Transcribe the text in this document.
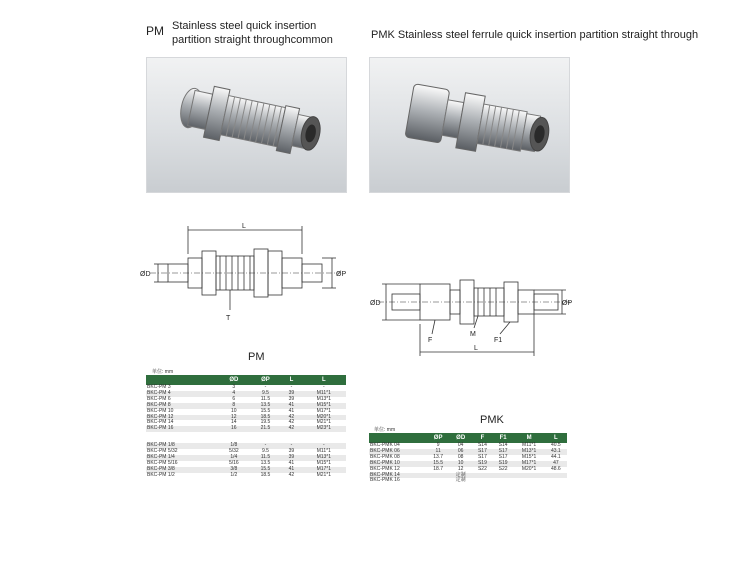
PM Stainless steel quick insertion
partition straight throughcommon	PMK Stainless steel ferrule quick insertion partition straight through
L
ØP
ØD
T
ØD	ØP
F
M
F1
L
PM
单位: mm
	ØD	ØP	L	L
BKC-PM 3	3	-	-	-
BKC-PM 4	4	9.5	39	M11*1
BKC-PM 6	6	11.5	39	M13*1
BKC-PM 8	8	13.5	41	M15*1
BKC-PM 10	10	15.5	41	M17*1
BKC-PM 12	12	18.5	42	M20*1
BKC-PM 14	14	19.5	42	M21*1
BKC-PM 16	16	21.5	42	M23*1

BKC-PM 1/8	1/8	-	-	-
BKC-PM 5/32	5/32	9.5	39	M11*1
BKC-PM 1/4	1/4	11.5	39	M13*1
BKC-PM 5/16	5/16	13.5	41	M15*1
BKC-PM 3/8	3/8	15.5	41	M17*1
BKC-PM 1/2	1/2	18.5	42	M21*1
PMK
单位: mm
	ØP	ØD	F	F1	M	L
BKC-PMK 04	9	04	S14	S14	M11*1	40.5
BKC-PMK 06	11	06	S17	S17	M13*1	43.1
BKC-PMK 08	13.7	08	S17	S17	M15*1	44.1
BKC-PMK 10	15.5	10	S19	S19	M17*1	47
BKC-PMK 12	18.7	12	S22	S22	M20*1	48.6
BKC-PMK 14		定制				
BKC-PMK 16		定制				
